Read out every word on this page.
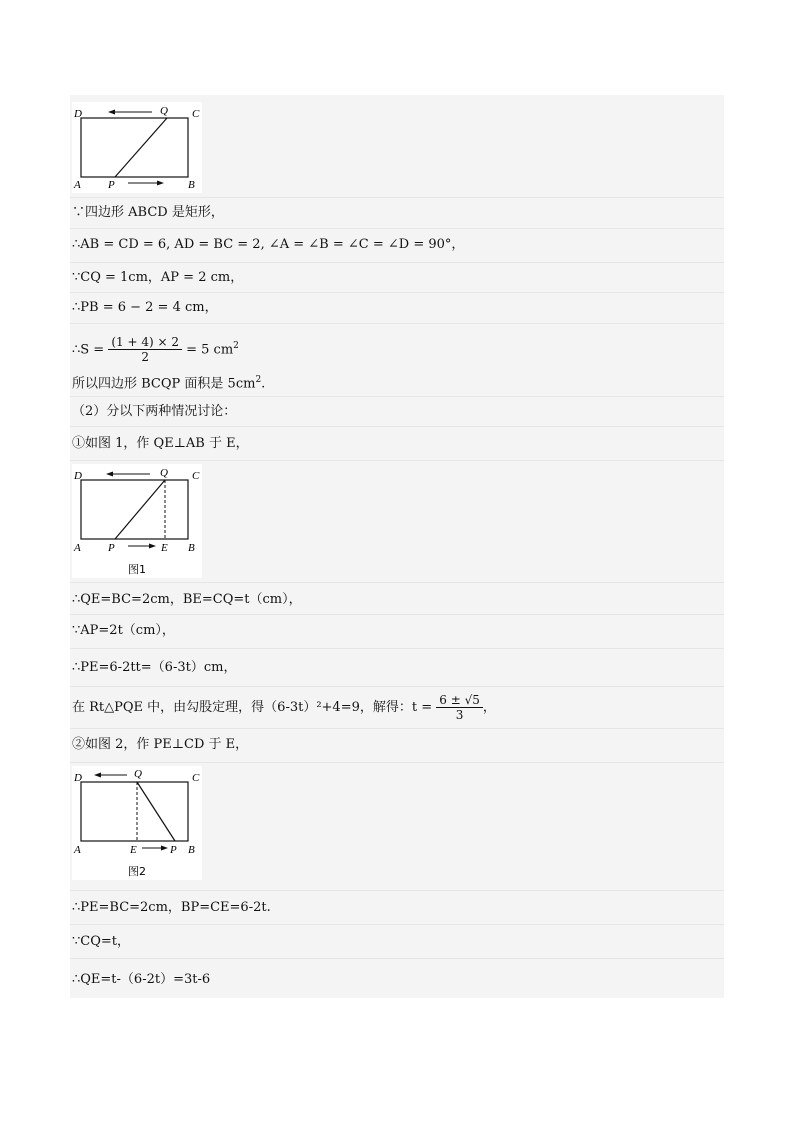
D	C
Q
A P	B
∵四边形 ABCD 是矩形，
∴AB = CD = 6, AD = BC = 2, ∠A = ∠B = ∠C = ∠D = 90°，
∵CQ = 1cm，AP = 2 cm，
∴PB = 6 − 2 = 4 cm，
∴S = $\frac{(1 + 4) \times 2}{2} = 5$ $cm^2$
所以四边形 BCQP 面积是 $5cm^2$.
（2）分以下两种情况讨论：
①如图 1，作 QE⊥AB 于 E，
D	C
Q
A P	E B
图1
∴QE=BC=2cm，BE=CQ=t（cm），
∵AP=2t（cm），
∴PE=6-2tt=（6-3t）cm，
在 Rt△PQE 中，由勾股定理，得（6-3t）²+4=9，解得：$t = \frac{6 \pm √5}{3}$ ，
②如图 2，作 PE⊥CD 于 E，
D	C
Q
A	E	P B
图2
∴PE=BC=2cm，BP=CE=6-2t.
∵CQ=t，
∴QE=t-（6-2t）=3t-6
